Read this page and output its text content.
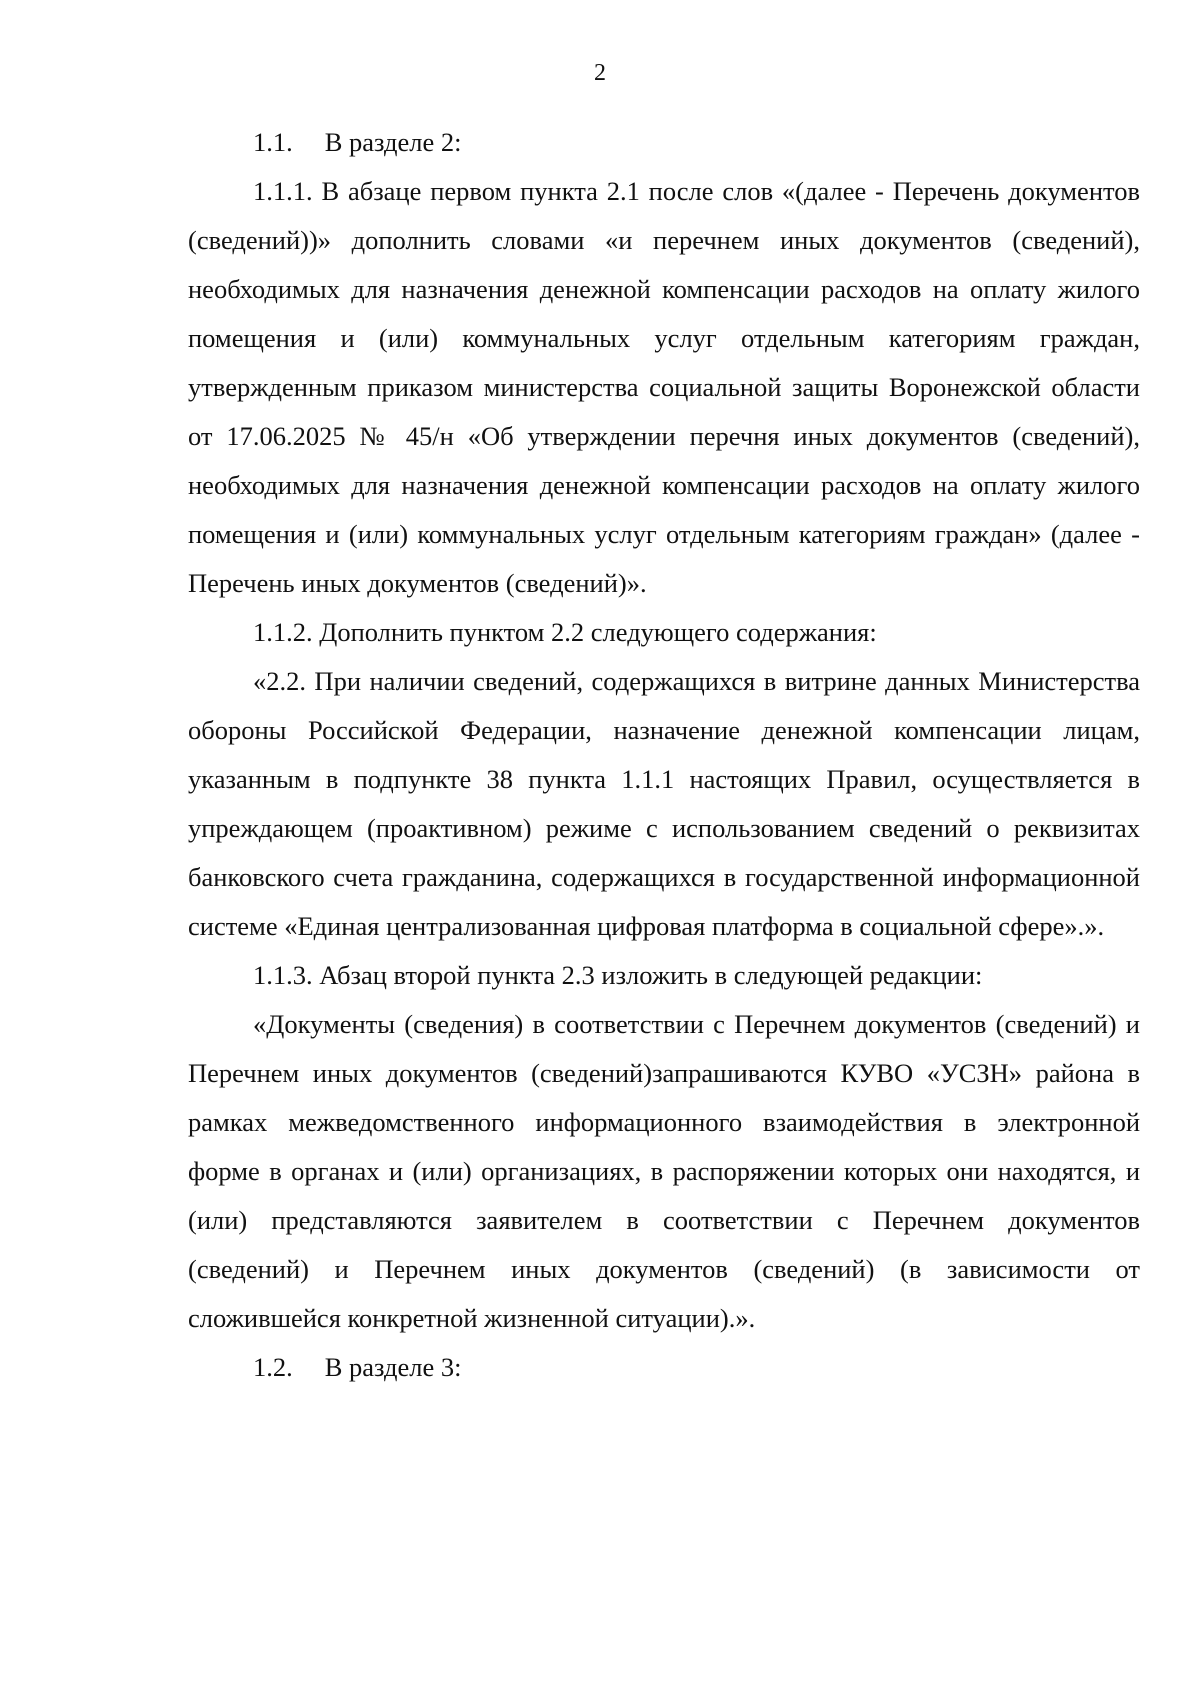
2

1.1. В разделе 2:

1.1.1. В абзаце первом пункта 2.1 после слов «(далее - Перечень документов (сведений))» дополнить словами «и перечнем иных документов (сведений), необходимых для назначения денежной компенсации расходов на оплату жилого помещения и (или) коммунальных услуг отдельным категориям граждан, утвержденным приказом министерства социальной защиты Воронежской области от 17.06.2025 № 45/н «Об утверждении перечня иных документов (сведений), необходимых для назначения денежной компенсации расходов на оплату жилого помещения и (или) коммунальных услуг отдельным категориям граждан» (далее - Перечень иных документов (сведений)».

1.1.2. Дополнить пунктом 2.2 следующего содержания:

«2.2. При наличии сведений, содержащихся в витрине данных Министерства обороны Российской Федерации, назначение денежной компенсации лицам, указанным в подпункте 38 пункта 1.1.1 настоящих Правил, осуществляется в упреждающем (проактивном) режиме с использованием сведений о реквизитах банковского счета гражданина, содержащихся в государственной информационной системе «Единая централизованная цифровая платформа в социальной сфере».».

1.1.3. Абзац второй пункта 2.3 изложить в следующей редакции:

«Документы (сведения) в соответствии с Перечнем документов (сведений) и Перечнем иных документов (сведений)запрашиваются КУВО «УСЗН» района в рамках межведомственного информационного взаимодействия в электронной форме в органах и (или) организациях, в распоряжении которых они находятся, и (или) представляются заявителем в соответствии с Перечнем документов (сведений) и Перечнем иных документов (сведений) (в зависимости от сложившейся конкретной жизненной ситуации).».

1.2. В разделе 3:
